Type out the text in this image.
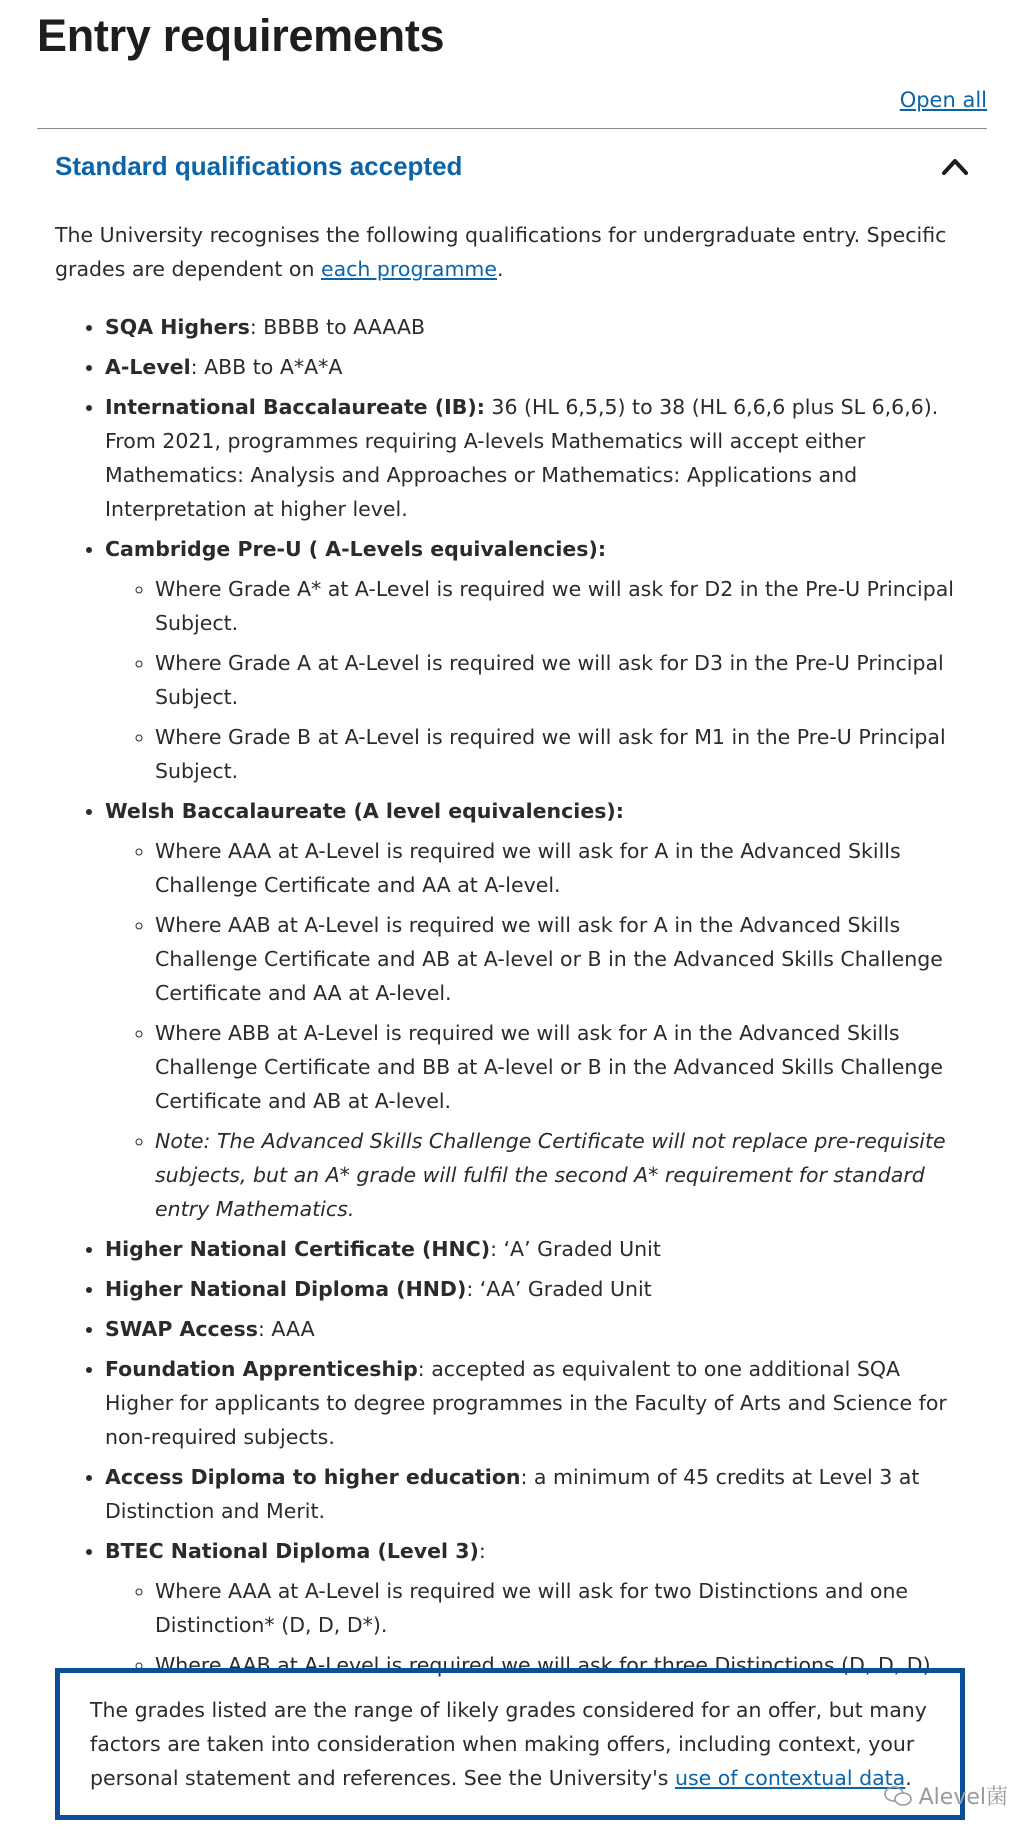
Entry requirements
Open all
Standard qualifications accepted

The University recognises the following qualifications for undergraduate entry. Specific grades are dependent on each programme.

• SQA Highers: BBBB to AAAAB
• A-Level: ABB to A*A*A
• International Baccalaureate (IB): 36 (HL 6,5,5) to 38 (HL 6,6,6 plus SL 6,6,6). From 2021, programmes requiring A-levels Mathematics will accept either Mathematics: Analysis and Approaches or Mathematics: Applications and Interpretation at higher level.
• Cambridge Pre-U ( A-Levels equivalencies):
◦ Where Grade A* at A-Level is required we will ask for D2 in the Pre-U Principal Subject.
◦ Where Grade A at A-Level is required we will ask for D3 in the Pre-U Principal Subject.
◦ Where Grade B at A-Level is required we will ask for M1 in the Pre-U Principal Subject.
• Welsh Baccalaureate (A level equivalencies):
◦ Where AAA at A-Level is required we will ask for A in the Advanced Skills Challenge Certificate and AA at A-level.
◦ Where AAB at A-Level is required we will ask for A in the Advanced Skills Challenge Certificate and AB at A-level or B in the Advanced Skills Challenge Certificate and AA at A-level.
◦ Where ABB at A-Level is required we will ask for A in the Advanced Skills Challenge Certificate and BB at A-level or B in the Advanced Skills Challenge Certificate and AB at A-level.
◦ Note: The Advanced Skills Challenge Certificate will not replace pre-requisite subjects, but an A* grade will fulfil the second A* requirement for standard entry Mathematics.
• Higher National Certificate (HNC): ‘A’ Graded Unit
• Higher National Diploma (HND): ‘AA’ Graded Unit
• SWAP Access: AAA
• Foundation Apprenticeship: accepted as equivalent to one additional SQA Higher for applicants to degree programmes in the Faculty of Arts and Science for non-required subjects.
• Access Diploma to higher education: a minimum of 45 credits at Level 3 at Distinction and Merit.
• BTEC National Diploma (Level 3):
◦ Where AAA at A-Level is required we will ask for two Distinctions and one Distinction* (D, D, D*).
◦ Where AAB at A-Level is required we will ask for three Distinctions (D, D, D).
The grades listed are the range of likely grades considered for an offer, but many factors are taken into consideration when making offers, including context, your personal statement and references. See the University's use of contextual data.
Alevel菌
